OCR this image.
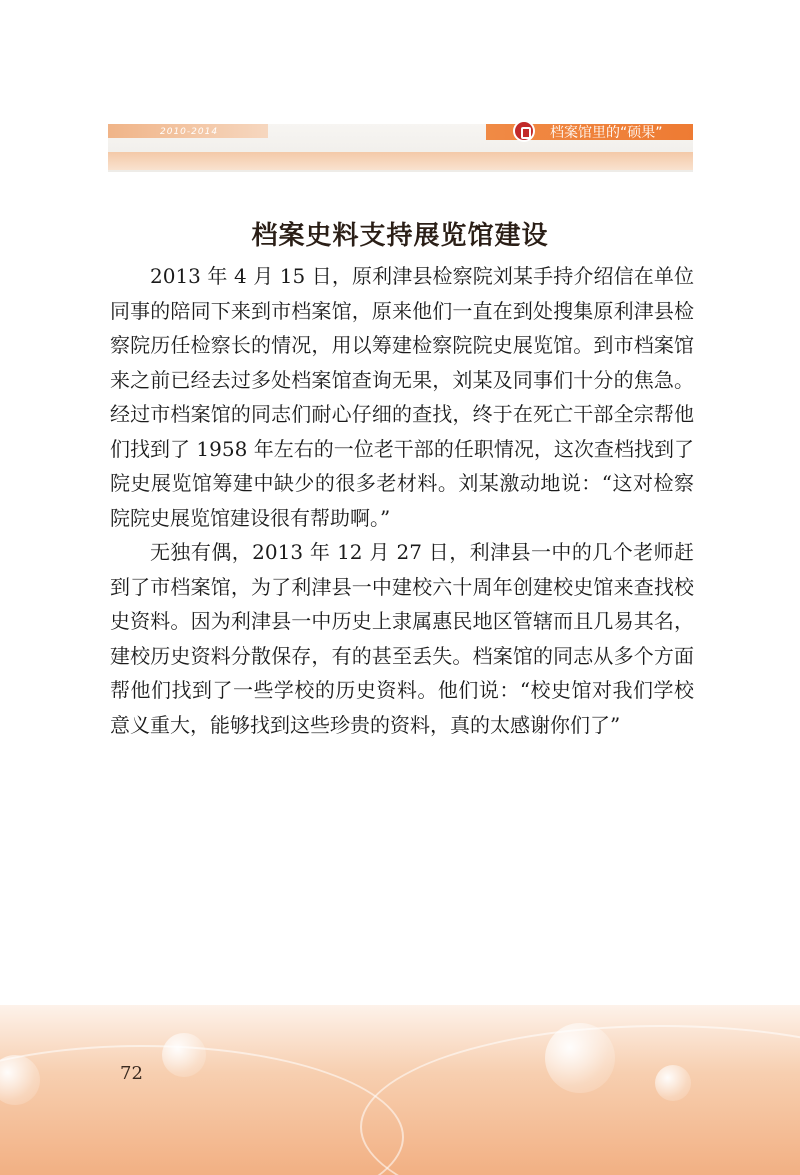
2010-2014	档案馆里的“硕果”
档案史料支持展览馆建设

2013 年 4 月 15 日，原利津县检察院刘某手持介绍信在单位同事的陪同下来到市档案馆，原来他们一直在到处搜集原利津县检察院历任检察长的情况，用以筹建检察院院史展览馆。到市档案馆来之前已经去过多处档案馆查询无果，刘某及同事们十分的焦急。经过市档案馆的同志们耐心仔细的查找，终于在死亡干部全宗帮他们找到了 1958 年左右的一位老干部的任职情况，这次查档找到了院史展览馆筹建中缺少的很多老材料。刘某激动地说：“这对检察院院史展览馆建设很有帮助啊。”

无独有偶，2013 年 12 月 27 日，利津县一中的几个老师赶到了市档案馆，为了利津县一中建校六十周年创建校史馆来查找校史资料。因为利津县一中历史上隶属惠民地区管辖而且几易其名，建校历史资料分散保存，有的甚至丢失。档案馆的同志从多个方面帮他们找到了一些学校的历史资料。他们说：“校史馆对我们学校意义重大，能够找到这些珍贵的资料，真的太感谢你们了”

72
